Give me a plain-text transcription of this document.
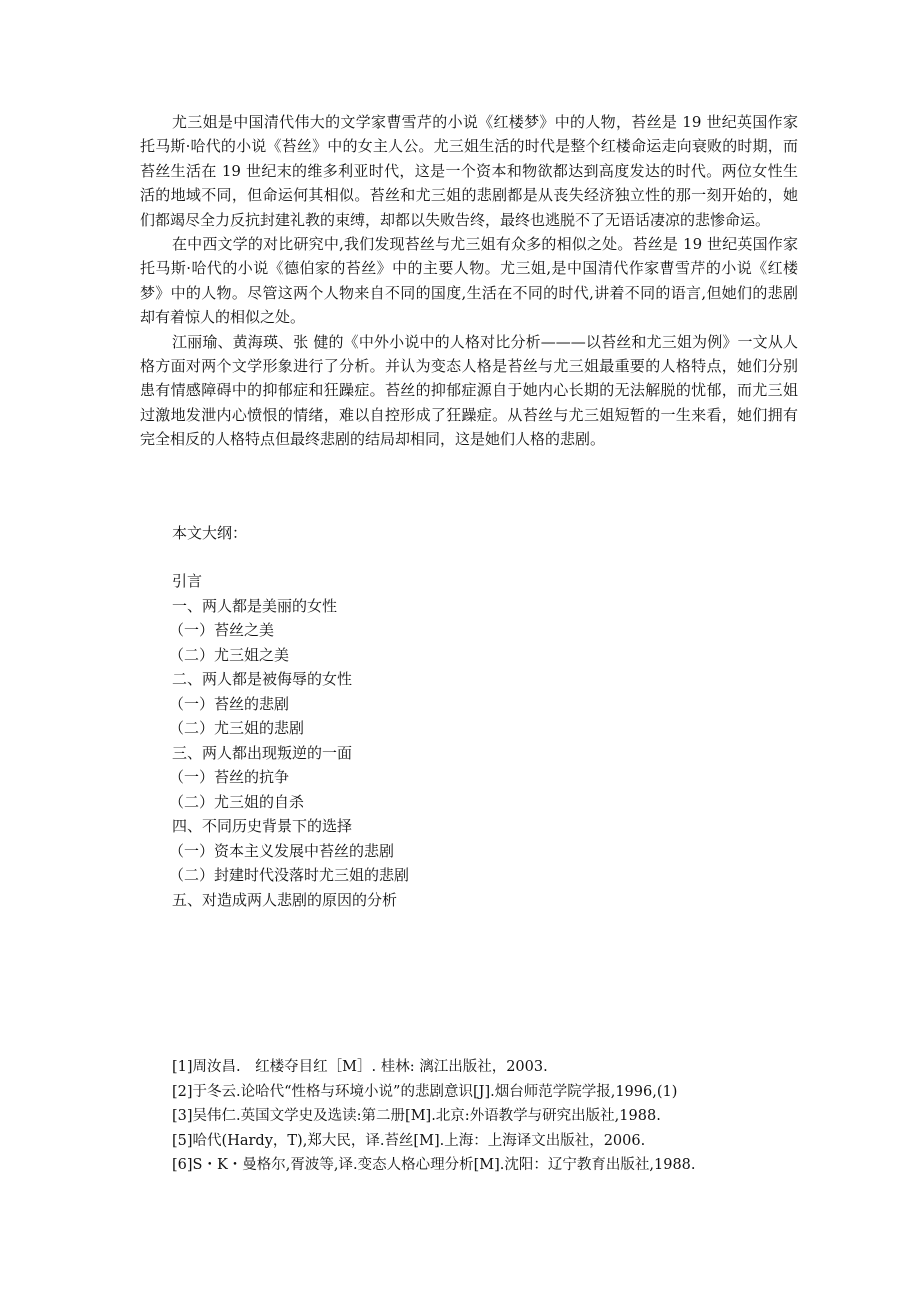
尤三姐是中国清代伟大的文学家曹雪芹的小说《红楼梦》中的人物，苔丝是 19 世纪英国作家托马斯·哈代的小说《苔丝》中的女主人公。尤三姐生活的时代是整个红楼命运走向衰败的时期，而苔丝生活在 19 世纪末的维多利亚时代，这是一个资本和物欲都达到高度发达的时代。两位女性生活的地域不同，但命运何其相似。苔丝和尤三姐的悲剧都是从丧失经济独立性的那一刻开始的，她们都竭尽全力反抗封建礼教的束缚，却都以失败告终，最终也逃脱不了无语话凄凉的悲惨命运。

在中西文学的对比研究中,我们发现苔丝与尤三姐有众多的相似之处。苔丝是 19 世纪英国作家托马斯·哈代的小说《德伯家的苔丝》中的主要人物。尤三姐,是中国清代作家曹雪芹的小说《红楼梦》中的人物。尽管这两个人物来自不同的国度,生活在不同的时代,讲着不同的语言,但她们的悲剧却有着惊人的相似之处。

江丽瑜、黄海瑛、张 健的《中外小说中的人格对比分析———以苔丝和尤三姐为例》一文从人格方面对两个文学形象进行了分析。并认为变态人格是苔丝与尤三姐最重要的人格特点，她们分别患有情感障碍中的抑郁症和狂躁症。苔丝的抑郁症源自于她内心长期的无法解脱的忧郁，而尤三姐过激地发泄内心愤恨的情绪，难以自控形成了狂躁症。从苔丝与尤三姐短暂的一生来看，她们拥有完全相反的人格特点但最终悲剧的结局却相同，这是她们人格的悲剧。

本文大纲：

引言
一、两人都是美丽的女性
（一）苔丝之美
（二）尤三姐之美
二、两人都是被侮辱的女性
（一）苔丝的悲剧
（二）尤三姐的悲剧
三、两人都出现叛逆的一面
（一）苔丝的抗争
（二）尤三姐的自杀
四、不同历史背景下的选择
（一）资本主义发展中苔丝的悲剧
（二）封建时代没落时尤三姐的悲剧
五、对造成两人悲剧的原因的分析
[1]周汝昌.　红楼夺目红［M］. 桂林: 漓江出版社，2003.
[2]于冬云.论哈代“性格与环境小说”的悲剧意识[J].烟台师范学院学报,1996,(1)
[3]吴伟仁.英国文学史及选读:第二册[M].北京:外语教学与研究出版社,1988.
[5]哈代(Hardy，T),郑大民，译.苔丝[M].上海：上海译文出版社，2006.
[6]S・K・曼格尔,胥波等,译.变态人格心理分析[M].沈阳：辽宁教育出版社,1988.
